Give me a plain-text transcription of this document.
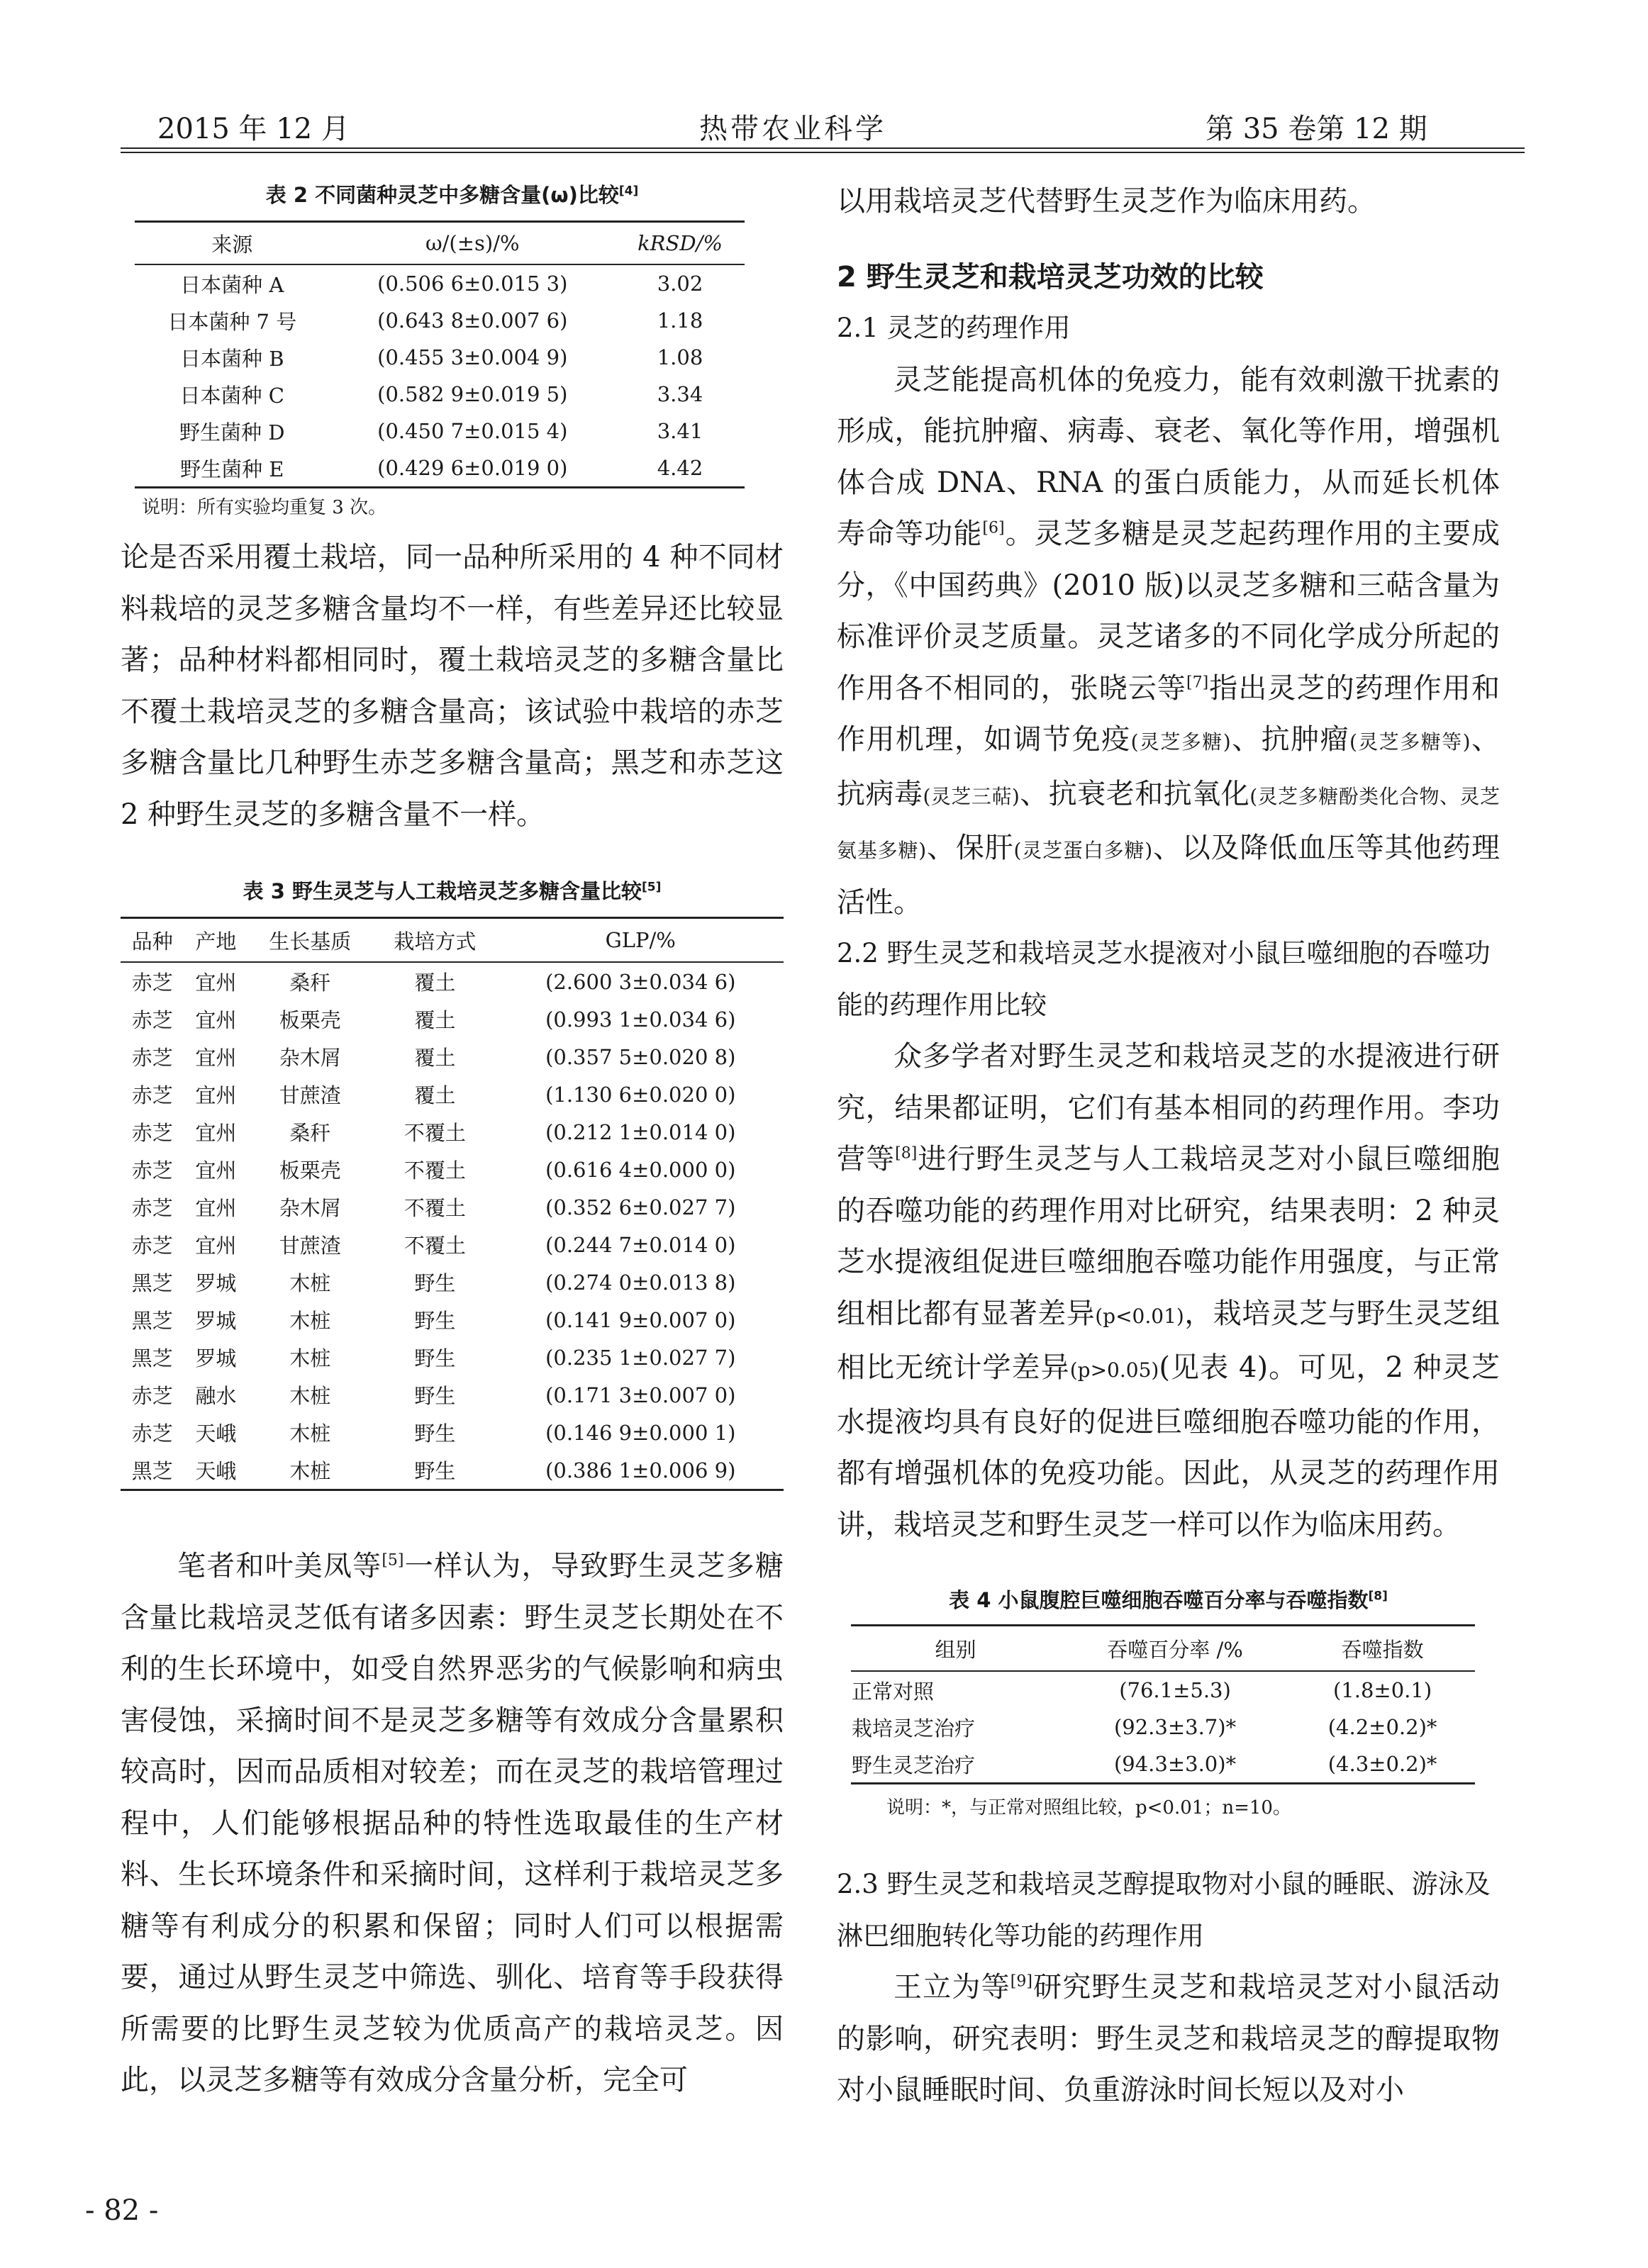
2015 年 12 月	热带农业科学	第 35 卷第 12 期

表 2 不同菌种灵芝中多糖含量(ω)比较[4]

来源	ω/(±s)/%	kRSD/%
日本菌种 A	(0.506 6±0.015 3)	3.02
日本菌种 7 号	(0.643 8±0.007 6)	1.18
日本菌种 B	(0.455 3±0.004 9)	1.08
日本菌种 C	(0.582 9±0.019 5)	3.34
野生菌种 D	(0.450 7±0.015 4)	3.41
野生菌种 E	(0.429 6±0.019 0)	4.42

说明：所有实验均重复 3 次。

论是否采用覆土栽培，同一品种所采用的 4 种不同材料栽培的灵芝多糖含量均不一样，有些差异还比较显著；品种材料都相同时，覆土栽培灵芝的多糖含量比不覆土栽培灵芝的多糖含量高；该试验中栽培的赤芝多糖含量比几种野生赤芝多糖含量高；黑芝和赤芝这 2 种野生灵芝的多糖含量不一样。

表 3 野生灵芝与人工栽培灵芝多糖含量比较[5]

品种	产地	生长基质	栽培方式	GLP/%
赤芝	宜州	桑秆	覆土	(2.600 3±0.034 6)
赤芝	宜州	板栗壳	覆土	(0.993 1±0.034 6)
赤芝	宜州	杂木屑	覆土	(0.357 5±0.020 8)
赤芝	宜州	甘蔗渣	覆土	(1.130 6±0.020 0)
赤芝	宜州	桑秆	不覆土	(0.212 1±0.014 0)
赤芝	宜州	板栗壳	不覆土	(0.616 4±0.000 0)
赤芝	宜州	杂木屑	不覆土	(0.352 6±0.027 7)
赤芝	宜州	甘蔗渣	不覆土	(0.244 7±0.014 0)
黑芝	罗城	木桩	野生	(0.274 0±0.013 8)
黑芝	罗城	木桩	野生	(0.141 9±0.007 0)
黑芝	罗城	木桩	野生	(0.235 1±0.027 7)
赤芝	融水	木桩	野生	(0.171 3±0.007 0)
赤芝	天峨	木桩	野生	(0.146 9±0.000 1)
黑芝	天峨	木桩	野生	(0.386 1±0.006 9)

笔者和叶美凤等[5]一样认为，导致野生灵芝多糖含量比栽培灵芝低有诸多因素：野生灵芝长期处在不利的生长环境中，如受自然界恶劣的气候影响和病虫害侵蚀，采摘时间不是灵芝多糖等有效成分含量累积较高时，因而品质相对较差；而在灵芝的栽培管理过程中，人们能够根据品种的特性选取最佳的生产材料、生长环境条件和采摘时间，这样利于栽培灵芝多糖等有利成分的积累和保留；同时人们可以根据需要，通过从野生灵芝中筛选、驯化、培育等手段获得所需要的比野生灵芝较为优质高产的栽培灵芝。因此，以灵芝多糖等有效成分含量分析，完全可

以用栽培灵芝代替野生灵芝作为临床用药。

2 野生灵芝和栽培灵芝功效的比较

2.1 灵芝的药理作用

灵芝能提高机体的免疫力，能有效刺激干扰素的形成，能抗肿瘤、病毒、衰老、氧化等作用，增强机体合成 DNA、RNA 的蛋白质能力，从而延长机体寿命等功能[6]。灵芝多糖是灵芝起药理作用的主要成分，《中国药典》(2010 版)以灵芝多糖和三萜含量为标准评价灵芝质量。灵芝诸多的不同化学成分所起的作用各不相同的，张晓云等[7]指出灵芝的药理作用和作用机理，如调节免疫(灵芝多糖)、抗肿瘤(灵芝多糖等)、抗病毒(灵芝三萜)、抗衰老和抗氧化(灵芝多糖酚类化合物、灵芝氨基多糖)、保肝(灵芝蛋白多糖)、以及降低血压等其他药理活性。

2.2 野生灵芝和栽培灵芝水提液对小鼠巨噬细胞的吞噬功能的药理作用比较

众多学者对野生灵芝和栽培灵芝的水提液进行研究，结果都证明，它们有基本相同的药理作用。李功营等[8]进行野生灵芝与人工栽培灵芝对小鼠巨噬细胞的吞噬功能的药理作用对比研究，结果表明：2 种灵芝水提液组促进巨噬细胞吞噬功能作用强度，与正常组相比都有显著差异(p<0.01)，栽培灵芝与野生灵芝组相比无统计学差异(p>0.05)(见表 4)。可见，2 种灵芝水提液均具有良好的促进巨噬细胞吞噬功能的作用，都有增强机体的免疫功能。因此，从灵芝的药理作用讲，栽培灵芝和野生灵芝一样可以作为临床用药。

表 4 小鼠腹腔巨噬细胞吞噬百分率与吞噬指数[8]

组别	吞噬百分率 /%	吞噬指数
正常对照	(76.1±5.3)	(1.8±0.1)
栽培灵芝治疗	(92.3±3.7)*	(4.2±0.2)*
野生灵芝治疗	(94.3±3.0)*	(4.3±0.2)*

说明：*，与正常对照组比较，p<0.01；n=10。

2.3 野生灵芝和栽培灵芝醇提取物对小鼠的睡眠、游泳及淋巴细胞转化等功能的药理作用

王立为等[9]研究野生灵芝和栽培灵芝对小鼠活动的影响，研究表明：野生灵芝和栽培灵芝的醇提取物对小鼠睡眠时间、负重游泳时间长短以及对小

- 82 -
